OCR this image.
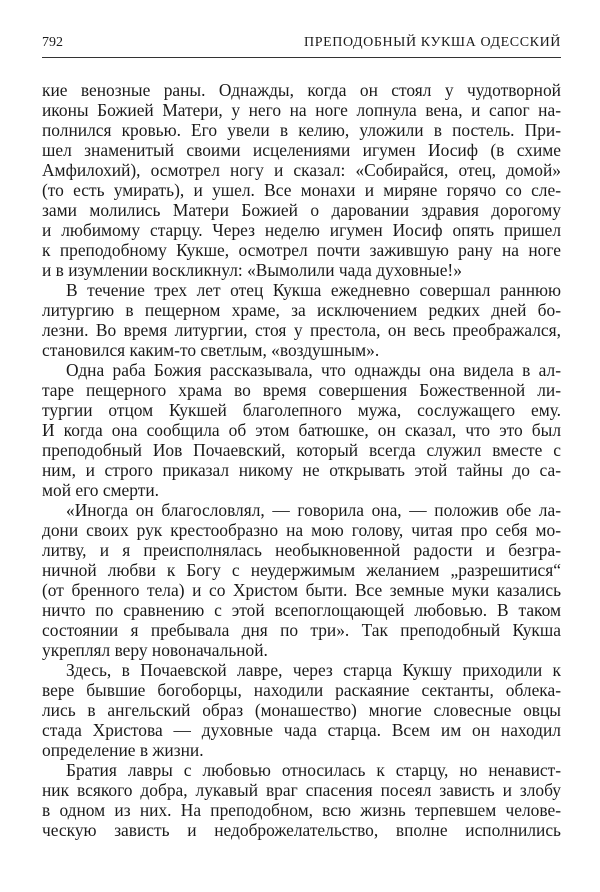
792	ПРЕПОДОБНЫЙ КУКША ОДЕССКИЙ
кие венозные раны. Однажды, когда он стоял у чудотворной
иконы Божией Матери, у него на ноге лопнула вена, и сапог на-
полнился кровью. Его увели в келию, уложили в постель. При-
шел знаменитый своими исцелениями игумен Иосиф (в схиме
Амфилохий), осмотрел ногу и сказал: «Собирайся, отец, домой»
(то есть умирать), и ушел. Все монахи и миряне горячо со сле-
зами молились Матери Божией о даровании здравия дорогому
и любимому старцу. Через неделю игумен Иосиф опять пришел
к преподобному Кукше, осмотрел почти зажившую рану на ноге
и в изумлении воскликнул: «Вымолили чада духовные!»
В течение трех лет отец Кукша ежедневно совершал раннюю
литургию в пещерном храме, за исключением редких дней бо-
лезни. Во время литургии, стоя у престола, он весь преображался,
становился каким-то светлым, «воздушным».
Одна раба Божия рассказывала, что однажды она видела в ал-
таре пещерного храма во время совершения Божественной ли-
тургии отцом Кукшей благолепного мужа, сослужащего ему.
И когда она сообщила об этом батюшке, он сказал, что это был
преподобный Иов Почаевский, который всегда служил вместе с
ним, и строго приказал никому не открывать этой тайны до са-
мой его смерти.
«Иногда он благословлял, — говорила она, — положив обе ла-
дони своих рук крестообразно на мою голову, читая про себя мо-
литву, и я преисполнялась необыкновенной радости и безгра-
ничной любви к Богу с неудержимым желанием „разрешитися“
(от бренного тела) и со Христом быти. Все земные муки казались
ничто по сравнению с этой всепоглощающей любовью. В таком
состоянии я пребывала дня по три». Так преподобный Кукша
укреплял веру новоначальной.
Здесь, в Почаевской лавре, через старца Кукшу приходили к
вере бывшие богоборцы, находили раскаяние сектанты, облека-
лись в ангельский образ (монашество) многие словесные овцы
стада Христова — духовные чада старца. Всем им он находил
определение в жизни.
Братия лавры с любовью относилась к старцу, но ненавист-
ник всякого добра, лукавый враг спасения посеял зависть и злобу
в одном из них. На преподобном, всю жизнь терпевшем челове-
ческую зависть и недоброжелательство, вполне исполнились
